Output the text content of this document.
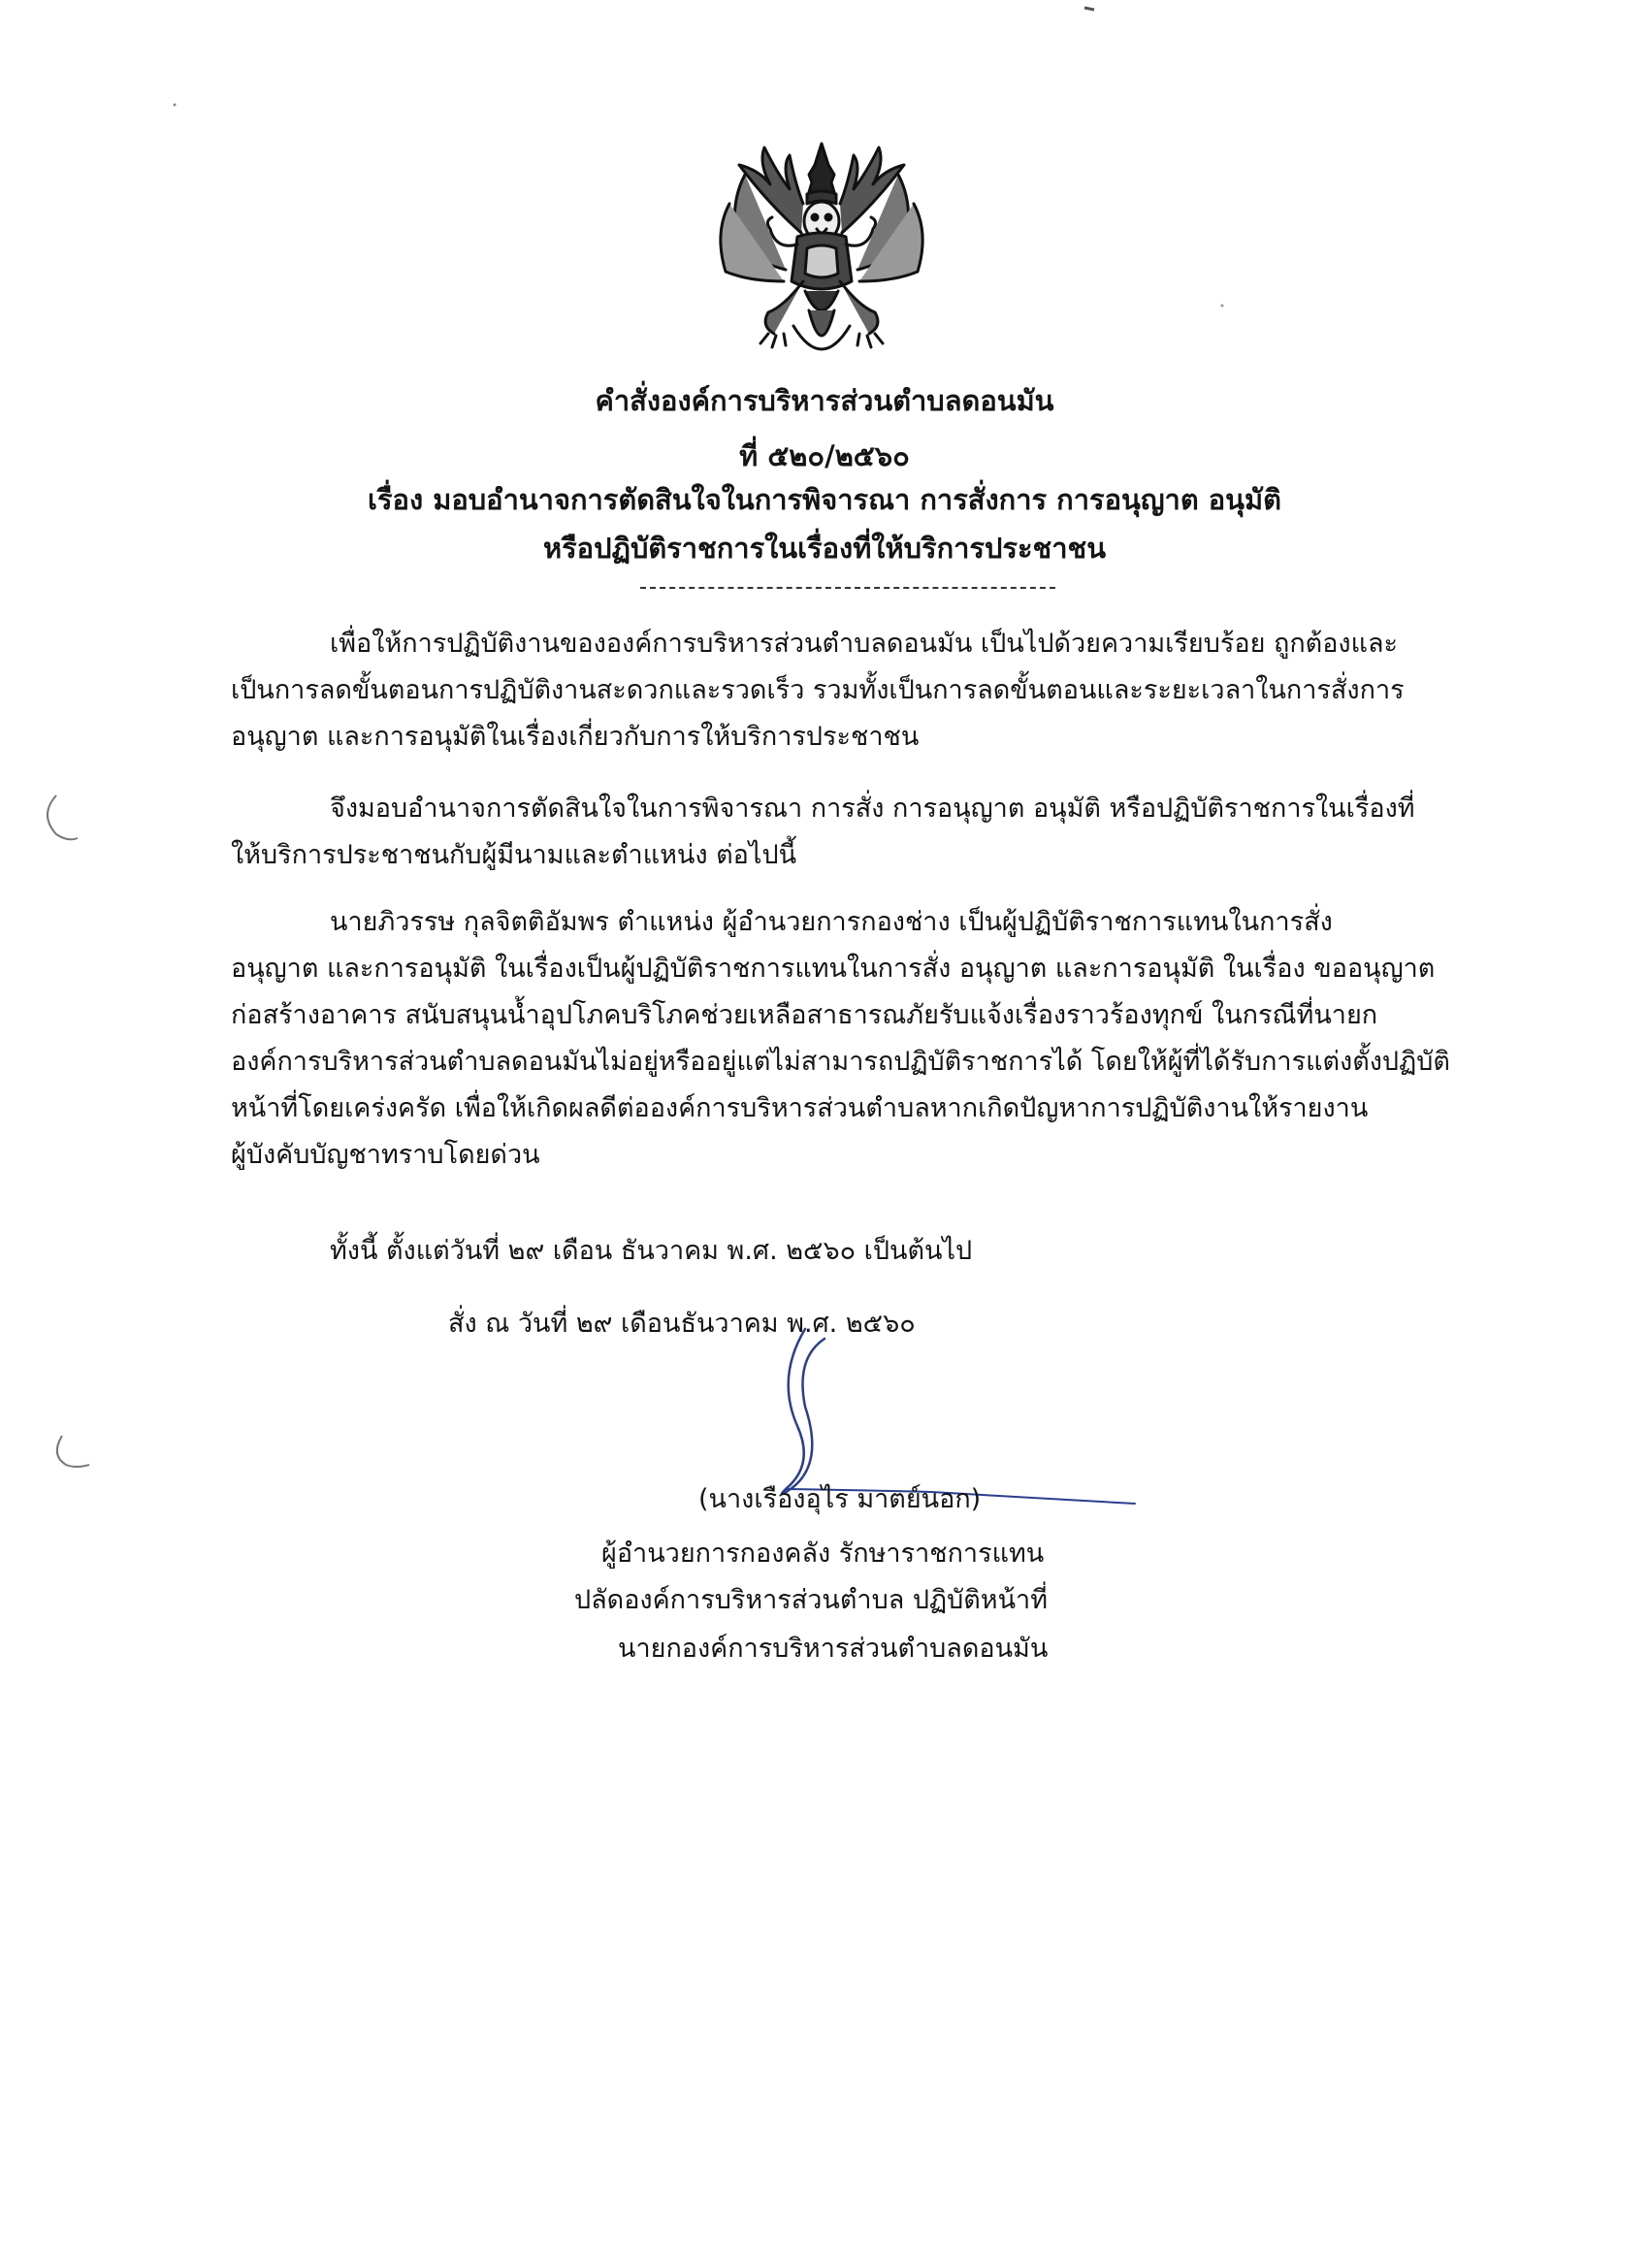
คำสั่งองค์การบริหารส่วนตำบลดอนมัน

ที่ ๕๒๐/๒๕๖๐

เรื่อง มอบอำนาจการตัดสินใจในการพิจารณา การสั่งการ การอนุญาต อนุมัติ

หรือปฏิบัติราชการในเรื่องที่ให้บริการประชาชน

เพื่อให้การปฏิบัติงานขององค์การบริหารส่วนตำบลดอนมัน เป็นไปด้วยความเรียบร้อย ถูกต้องและ
เป็นการลดขั้นตอนการปฏิบัติงานสะดวกและรวดเร็ว รวมทั้งเป็นการลดขั้นตอนและระยะเวลาในการสั่งการ
อนุญาต และการอนุมัติในเรื่องเกี่ยวกับการให้บริการประชาชน

จึงมอบอำนาจการตัดสินใจในการพิจารณา การสั่ง การอนุญาต อนุมัติ หรือปฏิบัติราชการในเรื่องที่
ให้บริการประชาชนกับผู้มีนามและตำแหน่ง ต่อไปนี้

นายภิวรรษ กุลจิตติอัมพร ตำแหน่ง ผู้อำนวยการกองช่าง เป็นผู้ปฏิบัติราชการแทนในการสั่ง
อนุญาต และการอนุมัติ ในเรื่องเป็นผู้ปฏิบัติราชการแทนในการสั่ง อนุญาต และการอนุมัติ ในเรื่อง ขออนุญาต
ก่อสร้างอาคาร สนับสนุนน้ำอุปโภคบริโภคช่วยเหลือสาธารณภัยรับแจ้งเรื่องราวร้องทุกข์ ในกรณีที่นายก
องค์การบริหารส่วนตำบลดอนมันไม่อยู่หรืออยู่แต่ไม่สามารถปฏิบัติราชการได้ โดยให้ผู้ที่ได้รับการแต่งตั้งปฏิบัติ
หน้าที่โดยเคร่งครัด เพื่อให้เกิดผลดีต่อองค์การบริหารส่วนตำบลหากเกิดปัญหาการปฏิบัติงานให้รายงาน
ผู้บังคับบัญชาทราบโดยด่วน

ทั้งนี้ ตั้งแต่วันที่ ๒๙ เดือน ธันวาคม พ.ศ. ๒๕๖๐ เป็นต้นไป

สั่ง ณ วันที่ ๒๙ เดือนธันวาคม พ.ศ. ๒๕๖๐

(นางเรืองอุไร มาตย์นอก)

ผู้อำนวยการกองคลัง รักษาราชการแทน

ปลัดองค์การบริหารส่วนตำบล ปฏิบัติหน้าที่

นายกองค์การบริหารส่วนตำบลดอนมัน
